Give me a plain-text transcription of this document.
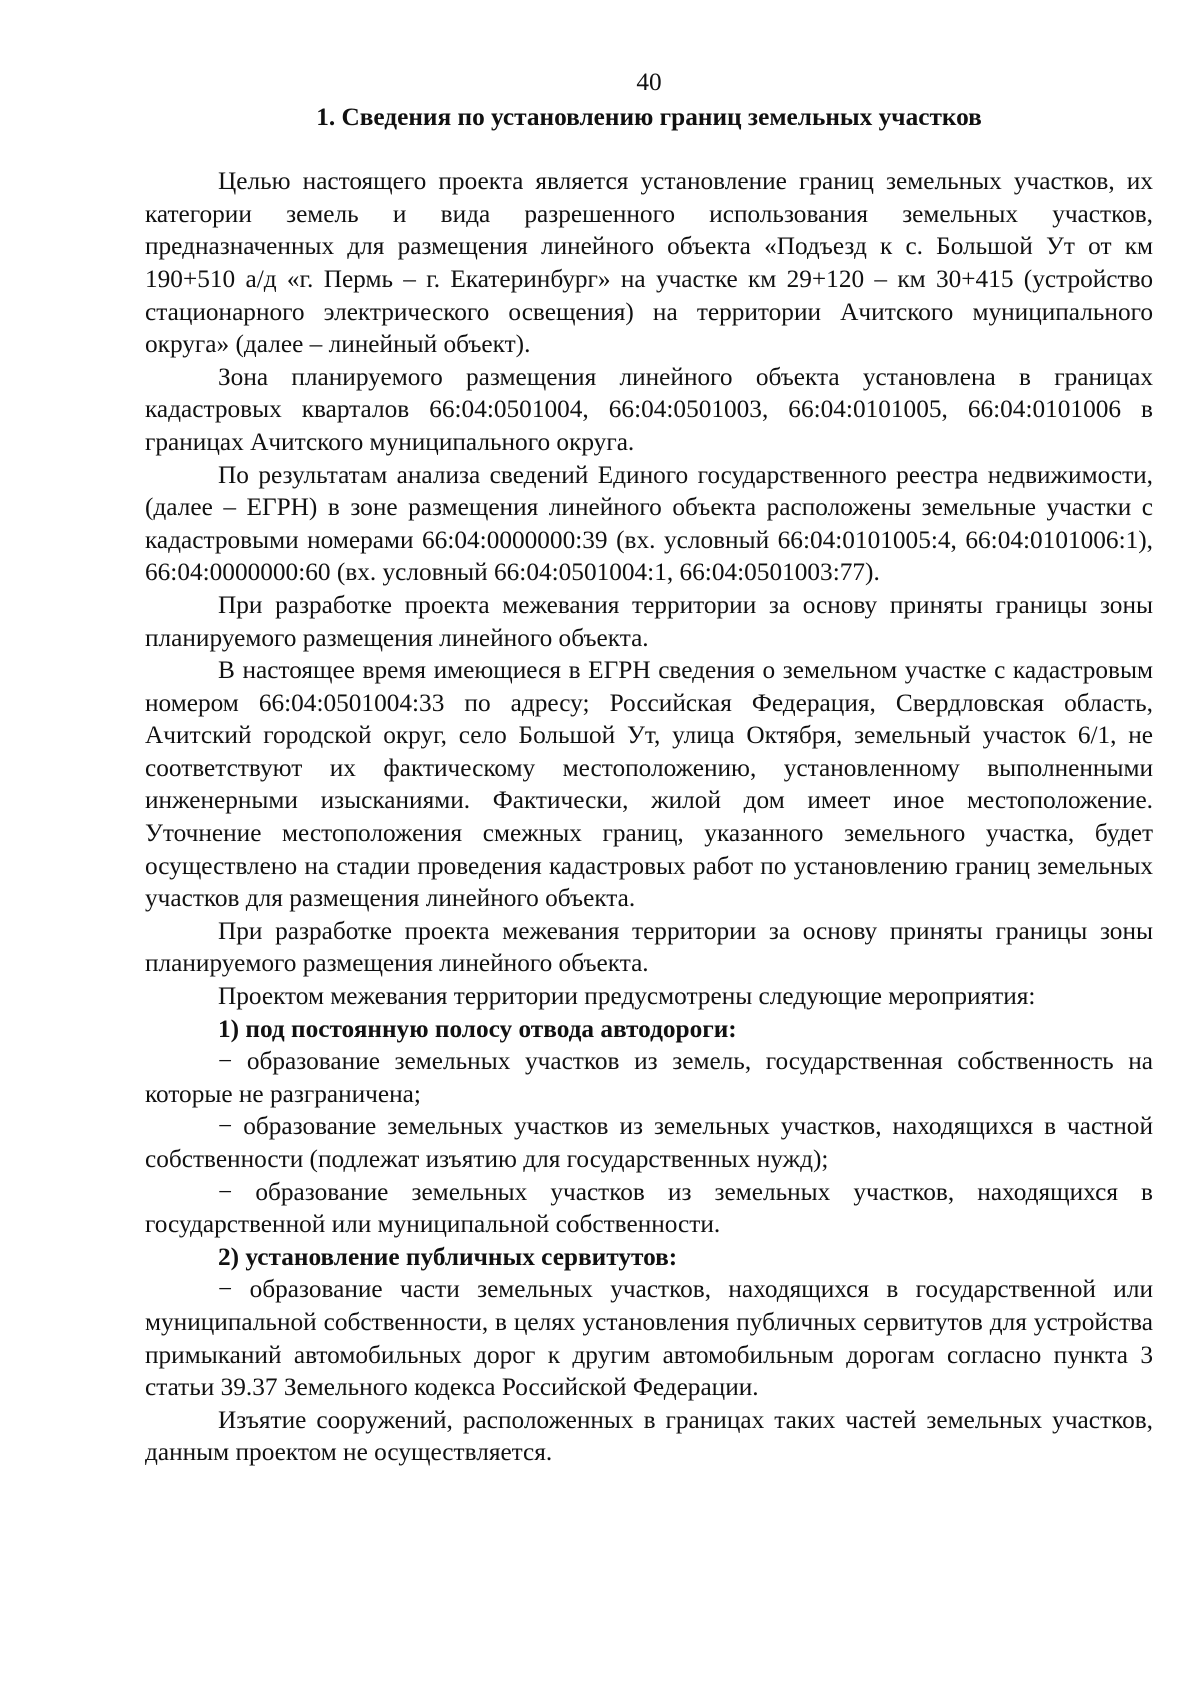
40
1. Сведения по установлению границ земельных участков

Целью настоящего проекта является установление границ земельных участков, их категории земель и вида разрешенного использования земельных участков, предназначенных для размещения линейного объекта «Подъезд к с. Большой Ут от км 190+510 а/д «г. Пермь – г. Екатеринбург» на участке км 29+120 – км 30+415 (устройство стационарного электрического освещения) на территории Ачитского муниципального округа» (далее – линейный объект).

Зона планируемого размещения линейного объекта установлена в границах кадастровых кварталов 66:04:0501004, 66:04:0501003, 66:04:0101005, 66:04:0101006 в границах Ачитского муниципального округа.

По результатам анализа сведений Единого государственного реестра недвижимости, (далее – ЕГРН) в зоне размещения линейного объекта расположены земельные участки с кадастровыми номерами 66:04:0000000:39 (вх. условный 66:04:0101005:4, 66:04:0101006:1), 66:04:0000000:60 (вх. условный 66:04:0501004:1, 66:04:0501003:77).

При разработке проекта межевания территории за основу приняты границы зоны планируемого размещения линейного объекта.

В настоящее время имеющиеся в ЕГРН сведения о земельном участке с кадастровым номером 66:04:0501004:33 по адресу; Российская Федерация, Свердловская область, Ачитский городской округ, село Большой Ут, улица Октября, земельный участок 6/1, не соответствуют их фактическому местоположению, установленному выполненными инженерными изысканиями. Фактически, жилой дом имеет иное местоположение. Уточнение местоположения смежных границ, указанного земельного участка, будет осуществлено на стадии проведения кадастровых работ по установлению границ земельных участков для размещения линейного объекта.

При разработке проекта межевания территории за основу приняты границы зоны планируемого размещения линейного объекта.

Проектом межевания территории предусмотрены следующие мероприятия:

1) под постоянную полосу отвода автодороги:

− образование земельных участков из земель, государственная собственность на которые не разграничена;

− образование земельных участков из земельных участков, находящихся в частной собственности (подлежат изъятию для государственных нужд);

− образование земельных участков из земельных участков, находящихся в государственной или муниципальной собственности.

2) установление публичных сервитутов:

− образование части земельных участков, находящихся в государственной или муниципальной собственности, в целях установления публичных сервитутов для устройства примыканий автомобильных дорог к другим автомобильным дорогам согласно пункта 3 статьи 39.37 Земельного кодекса Российской Федерации.

Изъятие сооружений, расположенных в границах таких частей земельных участков, данным проектом не осуществляется.
